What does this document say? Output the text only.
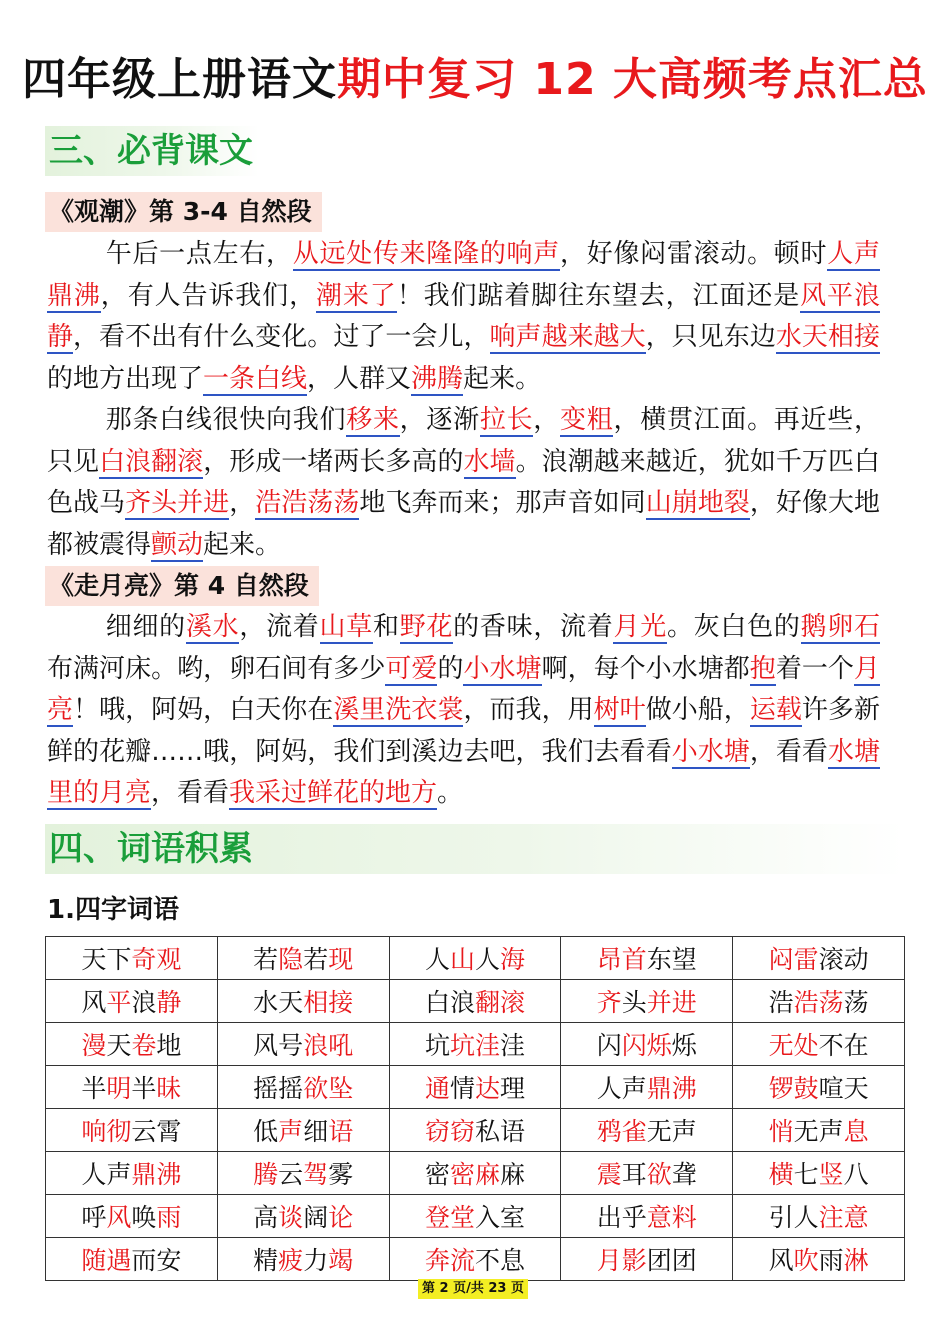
四年级上册语文期中复习 12 大高频考点汇总
三、必背课文
《观潮》第 3-4 自然段

午后一点左右，从远处传来隆隆的响声，好像闷雷滚动。顿时人声鼎沸，有人告诉我们，潮来了！我们踮着脚往东望去，江面还是风平浪静，看不出有什么变化。过了一会儿，响声越来越大，只见东边水天相接的地方出现了一条白线，人群又沸腾起来。

那条白线很快向我们移来，逐渐拉长，变粗，横贯江面。再近些，只见白浪翻滚，形成一堵两长多高的水墙。浪潮越来越近，犹如千万匹白色战马齐头并进，浩浩荡荡地飞奔而来；那声音如同山崩地裂，好像大地都被震得颤动起来。

《走月亮》第 4 自然段

细细的溪水，流着山草和野花的香味，流着月光。灰白色的鹅卵石布满河床。哟，卵石间有多少可爱的小水塘啊，每个小水塘都抱着一个月亮！哦，阿妈，白天你在溪里洗衣裳，而我，用树叶做小船，运载许多新鲜的花瓣……哦，阿妈，我们到溪边去吧，我们去看看小水塘，看看水塘里的月亮，看看我采过鲜花的地方。

四、词语积累
1.四字词语
天下奇观	若隐若现	人山人海	昂首东望	闷雷滚动
风平浪静	水天相接	白浪翻滚	齐头并进	浩浩荡荡
漫天卷地	风号浪吼	坑坑洼洼	闪闪烁烁	无处不在
半明半昧	摇摇欲坠	通情达理	人声鼎沸	锣鼓喧天
响彻云霄	低声细语	窃窃私语	鸦雀无声	悄无声息
人声鼎沸	腾云驾雾	密密麻麻	震耳欲聋	横七竖八
呼风唤雨	高谈阔论	登堂入室	出乎意料	引人注意
随遇而安	精疲力竭	奔流不息	月影团团	风吹雨淋
第 2 页/共 23 页
